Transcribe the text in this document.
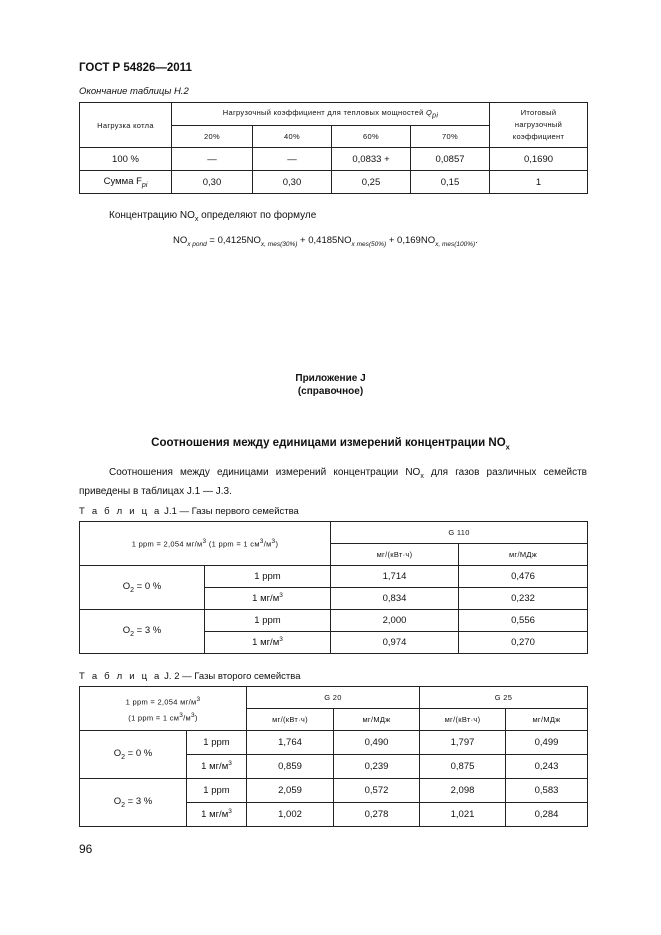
ГОСТ Р 54826—2011
Окончание таблицы Н.2
Нагрузка котла	Нагрузочный коэффициент для тепловых мощностей $Q_{pi}$				Итоговый нагрузочный коэффициент
	20%	40%	60%	70%	
100 %	—	—	0,0833 +	0,0857	0,1690
Сумма $F_{pi}$	0,30	0,30	0,25	0,15	1
Концентрацию $NO_x$ определяют по формуле
$NO_{x pond} = 0,4125NO_{x, mes(30\%)} + 0,4185NO_{x mes(50\%)} + 0,169NO_{x, mes(100\%)}$.
Приложение J
(справочное)
Соотношения между единицами измерений концентрации $NO_x$
Соотношения между единицами измерений концентрации $NO_x$ для газов различных семейств приведены в таблицах J.1 — J.3.
Т а б л и ц а J.1 — Газы первого семейства
1 ppm = 2,054 $мг/м^3$ (1 ppm = 1 $см^3/м^3$)		G 110	
		мг/(кВт·ч)	мг/МДж
$O_2 = 0$ %	1 ppm	1,714	0,476
	1 $мг/м^3$	0,834	0,232
$O_2 = 3$ %	1 ppm	2,000	0,556
	1 $мг/м^3$	0,974	0,270
Т а б л и ц а J. 2 — Газы второго семейства
1 ppm = 2,054 $мг/м^3$
(1 ppm = 1 $см^3/м^3$)		G 20		G 25	
		мг/(кВт·ч)	мг/МДж	мг/(кВт·ч)	мг/МДж
$O_2 = 0$ %	1 ppm	1,764	0,490	1,797	0,499
	1 $мг/м^3$	0,859	0,239	0,875	0,243
$O_2 = 3$ %	1 ppm	2,059	0,572	2,098	0,583
	1 $мг/м^3$	1,002	0,278	1,021	0,284
96
